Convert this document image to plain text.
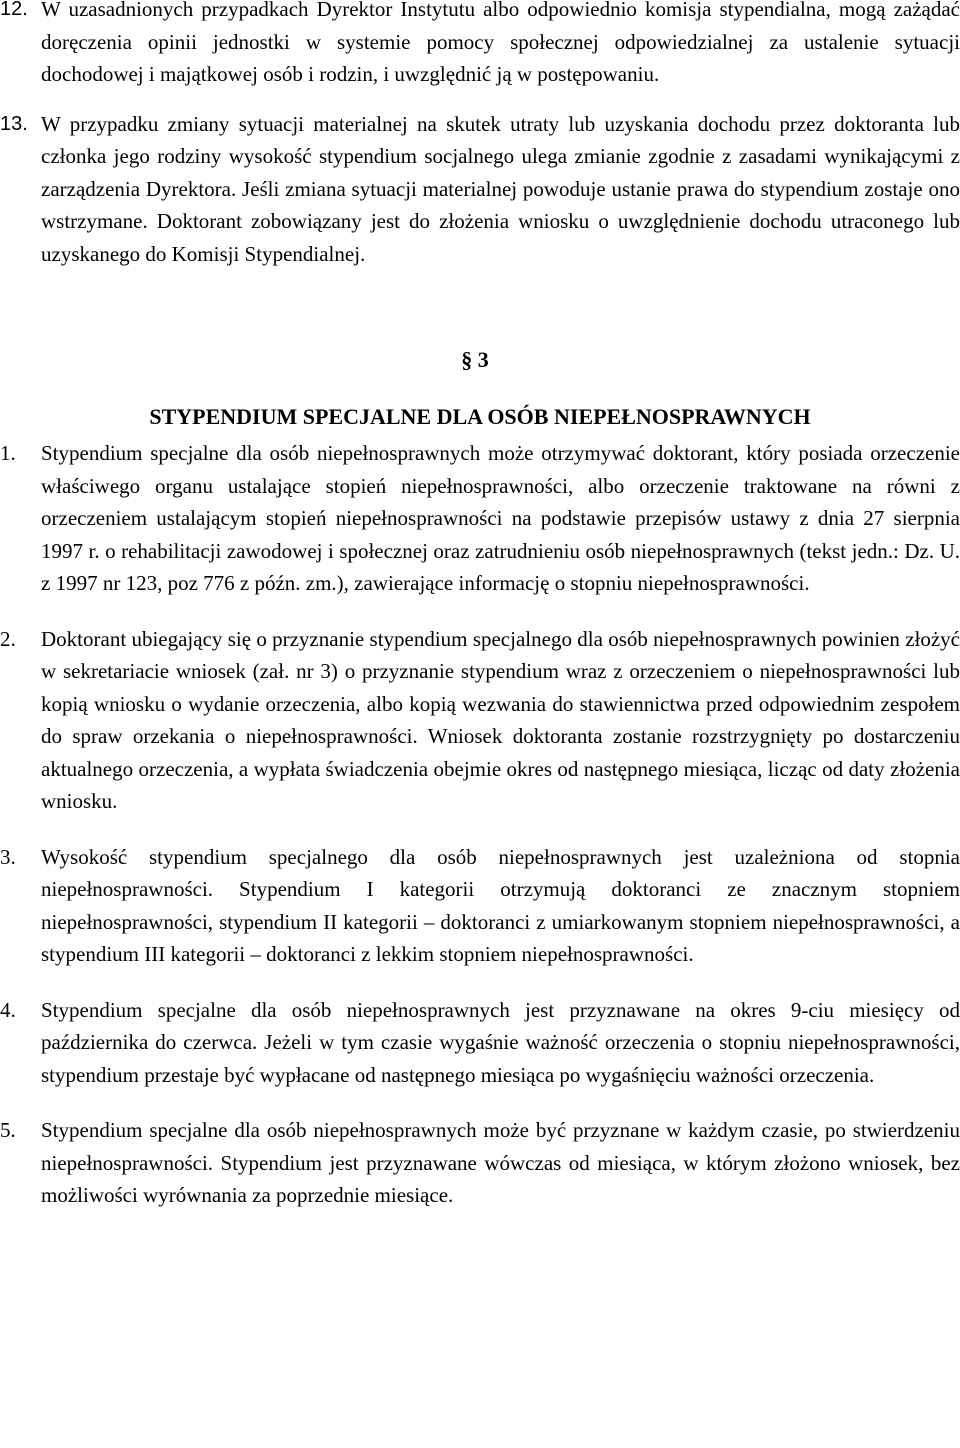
12. W uzasadnionych przypadkach Dyrektor Instytutu albo odpowiednio komisja stypendialna, mogą zażądać doręczenia opinii jednostki w systemie pomocy społecznej odpowiedzialnej za ustalenie sytuacji dochodowej i majątkowej osób i rodzin, i uwzględnić ją w postępowaniu.
13. W przypadku zmiany sytuacji materialnej na skutek utraty lub uzyskania dochodu przez doktoranta lub członka jego rodziny wysokość stypendium socjalnego ulega zmianie zgodnie z zasadami wynikającymi z zarządzenia Dyrektora. Jeśli zmiana sytuacji materialnej powoduje ustanie prawa do stypendium zostaje ono wstrzymane. Doktorant zobowiązany jest do złożenia wniosku o uwzględnienie dochodu utraconego lub uzyskanego do Komisji Stypendialnej.
§ 3
STYPENDIUM SPECJALNE DLA OSÓB NIEPEŁNOSPRAWNYCH
1.	Stypendium specjalne dla osób niepełnosprawnych może otrzymywać doktorant, który posiada orzeczenie właściwego organu ustalające stopień niepełnosprawności, albo orzeczenie traktowane na równi z orzeczeniem ustalającym stopień niepełnosprawności na podstawie przepisów ustawy z dnia 27 sierpnia 1997 r. o rehabilitacji zawodowej i społecznej oraz zatrudnieniu osób niepełnosprawnych (tekst jedn.: Dz. U. z 1997 nr 123, poz 776 z późn. zm.), zawierające informację o stopniu niepełnosprawności.
2.	Doktorant ubiegający się o przyznanie stypendium specjalnego dla osób niepełnosprawnych powinien złożyć w sekretariacie wniosek (zał. nr 3) o przyznanie stypendium wraz z orzeczeniem o niepełnosprawności lub kopią wniosku o wydanie orzeczenia, albo kopią wezwania do stawiennictwa przed odpowiednim zespołem do spraw orzekania o niepełnosprawności. Wniosek doktoranta zostanie rozstrzygnięty po dostarczeniu aktualnego orzeczenia, a wypłata świadczenia obejmie okres od następnego miesiąca, licząc od daty złożenia wniosku.
3.	Wysokość stypendium specjalnego dla osób niepełnosprawnych jest uzależniona od stopnia niepełnosprawności. Stypendium I kategorii otrzymują doktoranci ze znacznym stopniem niepełnosprawności, stypendium II kategorii – doktoranci z umiarkowanym stopniem niepełnosprawności, a stypendium III kategorii – doktoranci z lekkim stopniem niepełnosprawności.
4.	Stypendium specjalne dla osób niepełnosprawnych jest przyznawane na okres 9-ciu miesięcy od października do czerwca. Jeżeli w tym czasie wygaśnie ważność orzeczenia o stopniu niepełnosprawności, stypendium przestaje być wypłacane od następnego miesiąca po wygaśnięciu ważności orzeczenia.
5.	Stypendium specjalne dla osób niepełnosprawnych może być przyznane w każdym czasie, po stwierdzeniu niepełnosprawności. Stypendium jest przyznawane wówczas od miesiąca, w którym złożono wniosek, bez możliwości wyrównania za poprzednie miesiące.
